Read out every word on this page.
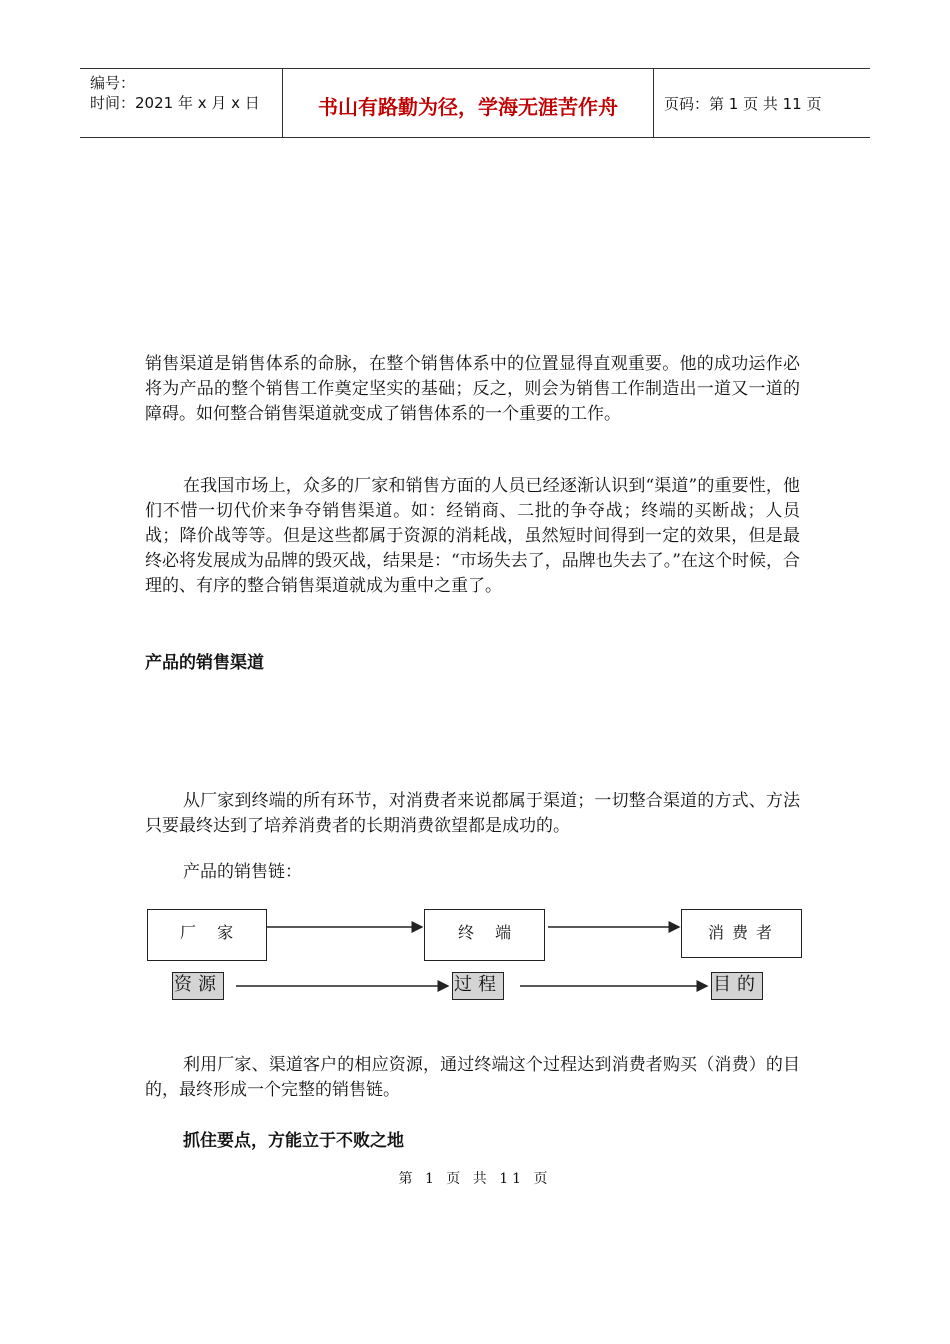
编号：
时间：2021 年 x 月 x 日	书山有路勤为径，学海无涯苦作舟	页码：第 1 页 共 11 页

销售渠道是销售体系的命脉，在整个销售体系中的位置显得直观重要。他的成功运作必将为产品的整个销售工作奠定坚实的基础；反之，则会为销售工作制造出一道又一道的障碍。如何整合销售渠道就变成了销售体系的一个重要的工作。

在我国市场上，众多的厂家和销售方面的人员已经逐渐认识到“渠道”的重要性，他们不惜一切代价来争夺销售渠道。如：经销商、二批的争夺战；终端的买断战；人员战；降价战等等。但是这些都属于资源的消耗战，虽然短时间得到一定的效果，但是最终必将发展成为品牌的毁灭战，结果是：“市场失去了，品牌也失去了。”在这个时候，合理的、有序的整合销售渠道就成为重中之重了。

产品的销售渠道

从厂家到终端的所有环节，对消费者来说都属于渠道；一切整合渠道的方式、方法只要最终达到了培养消费者的长期消费欲望都是成功的。

产品的销售链：

厂 家	终 端	消费者
资源	过程	目的

利用厂家、渠道客户的相应资源，通过终端这个过程达到消费者购买（消费）的目的，最终形成一个完整的销售链。

抓住要点，方能立于不败之地
第 1 页 共 11 页
